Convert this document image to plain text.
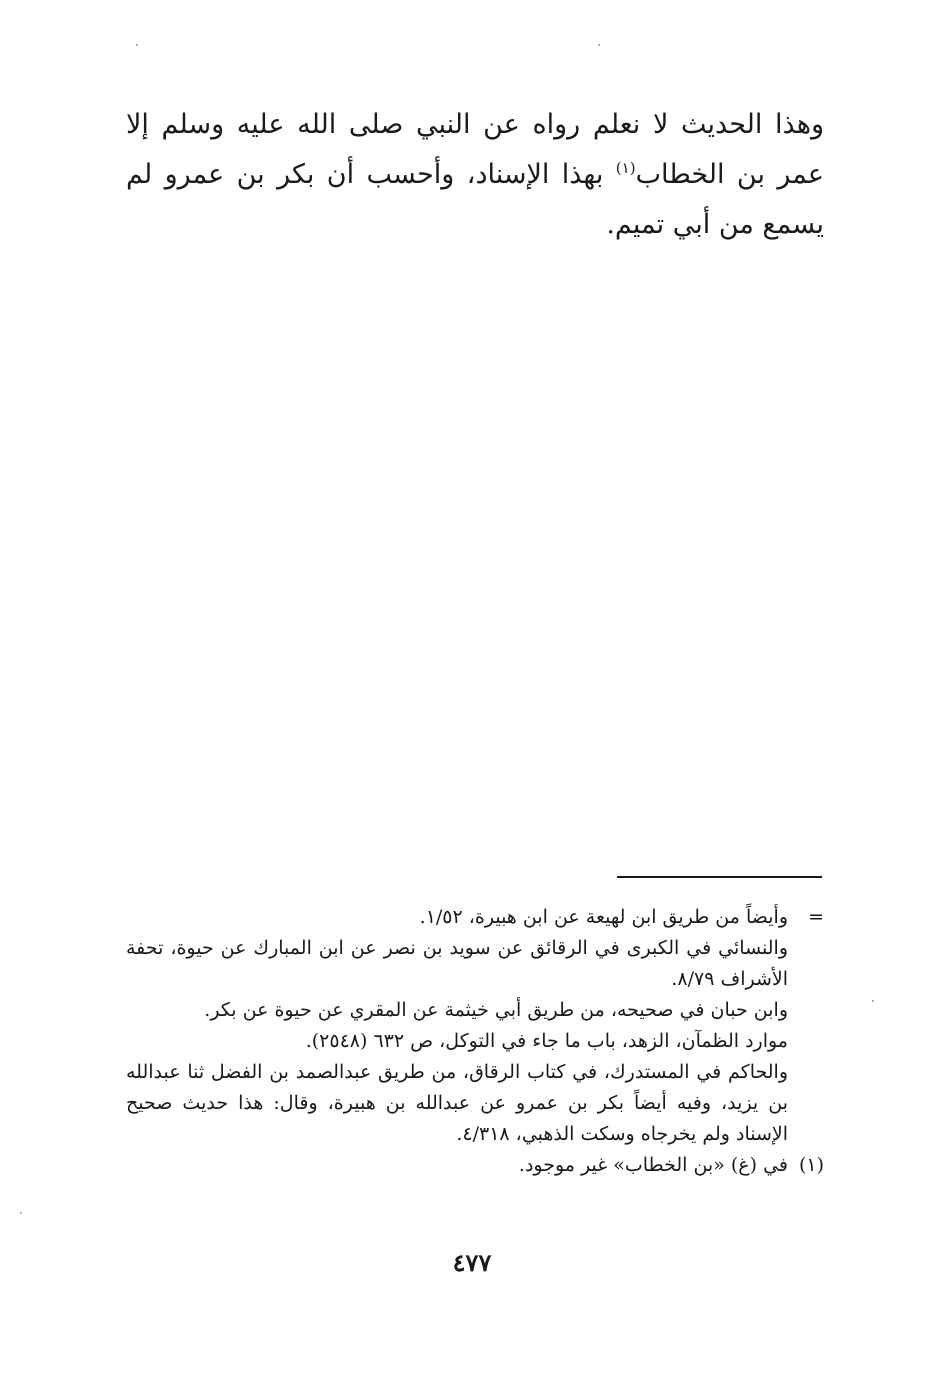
وهذا الحديث لا نعلم رواه عن النبي صلى الله عليه وسلم إلا عمر بن الخطاب$^{(١)}$ بهذا الإسناد، وأحسب أن بكر بن عمرو لم يسمع من أبي تميم.

=
وأيضاً من طريق ابن لهيعة عن ابن هبيرة، ١/٥٢.

والنسائي في الكبرى في الرقائق عن سويد بن نصر عن ابن المبارك عن حيوة، تحفة الأشراف ٨/٧٩.

وابن حبان في صحيحه، من طريق أبي خيثمة عن المقري عن حيوة عن بكر.

موارد الظمآن، الزهد، باب ما جاء في التوكل، ص ٦٣٢ (٢٥٤٨).

والحاكم في المستدرك، في كتاب الرقاق، من طريق عبدالصمد بن الفضل ثنا عبدالله بن يزيد، وفيه أيضاً بكر بن عمرو عن عبدالله بن هبيرة، وقال: هذا حديث صحيح الإسناد ولم يخرجاه وسكت الذهبي، ٤/٣١٨.

(١)
في (غ) «بن الخطاب» غير موجود.

٤٧٧
